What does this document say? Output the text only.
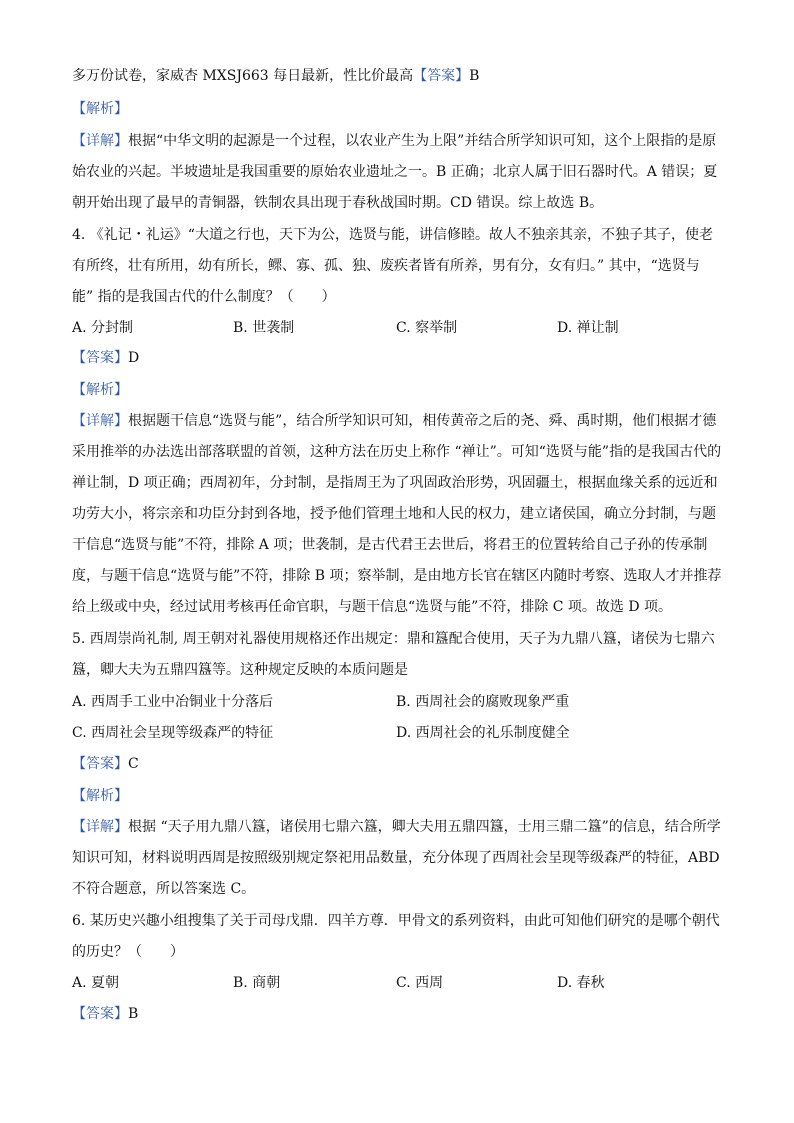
多万份试卷，家威杏 MXSJ663 每日最新，性比价最高【答案】B
【解析】
【详解】根据“中华文明的起源是一个过程，以农业产生为上限”并结合所学知识可知，这个上限指的是原
始农业的兴起。半坡遗址是我国重要的原始农业遗址之一。B 正确；北京人属于旧石器时代。A 错误；夏
朝开始出现了最早的青铜器，铁制农具出现于春秋战国时期。CD 错误。综上故选 B。
4. 《礼记・礼运》“大道之行也，天下为公，选贤与能，讲信修睦。故人不独亲其亲，不独子其子，使老
有所终，壮有所用，幼有所长，鳏、寡、孤、独、废疾者皆有所养，男有分，女有归。” 其中，“选贤与
能” 指的是我国古代的什么制度？（　　）
A. 分封制	B. 世袭制	C. 察举制	D. 禅让制
【答案】D
【解析】
【详解】根据题干信息“选贤与能”，结合所学知识可知，相传黄帝之后的尧、舜、禹时期，他们根据才德
采用推举的办法选出部落联盟的首领，这种方法在历史上称作 “禅让”。可知“选贤与能”指的是我国古代的
禅让制，D 项正确；西周初年，分封制，是指周王为了巩固政治形势，巩固疆土，根据血缘关系的远近和
功劳大小，将宗亲和功臣分封到各地，授予他们管理土地和人民的权力，建立诸侯国，确立分封制，与题
干信息“选贤与能”不符，排除 A 项；世袭制，是古代君王去世后，将君王的位置转给自己子孙的传承制
度，与题干信息“选贤与能”不符，排除 B 项；察举制，是由地方长官在辖区内随时考察、选取人才并推荐
给上级或中央，经过试用考核再任命官职，与题干信息“选贤与能”不符，排除 C 项。故选 D 项。
5. 西周崇尚礼制, 周王朝对礼器使用规格还作出规定：鼎和簋配合使用，天子为九鼎八簋，诸侯为七鼎六
簋，卿大夫为五鼎四簋等。这种规定反映的本质问题是
A. 西周手工业中冶铜业十分落后	B. 西周社会的腐败现象严重
C. 西周社会呈现等级森严的特征	D. 西周社会的礼乐制度健全
【答案】C
【解析】
【详解】根据 “天子用九鼎八簋，诸侯用七鼎六簋，卿大夫用五鼎四簋，士用三鼎二簋”的信息，结合所学
知识可知，材料说明西周是按照级别规定祭祀用品数量，充分体现了西周社会呈现等级森严的特征，ABD
不符合题意，所以答案选 C。
6. 某历史兴趣小组搜集了关于司母戊鼎．四羊方尊．甲骨文的系列资料，由此可知他们研究的是哪个朝代
的历史？（　　）
A. 夏朝	B. 商朝	C. 西周	D. 春秋
【答案】B
